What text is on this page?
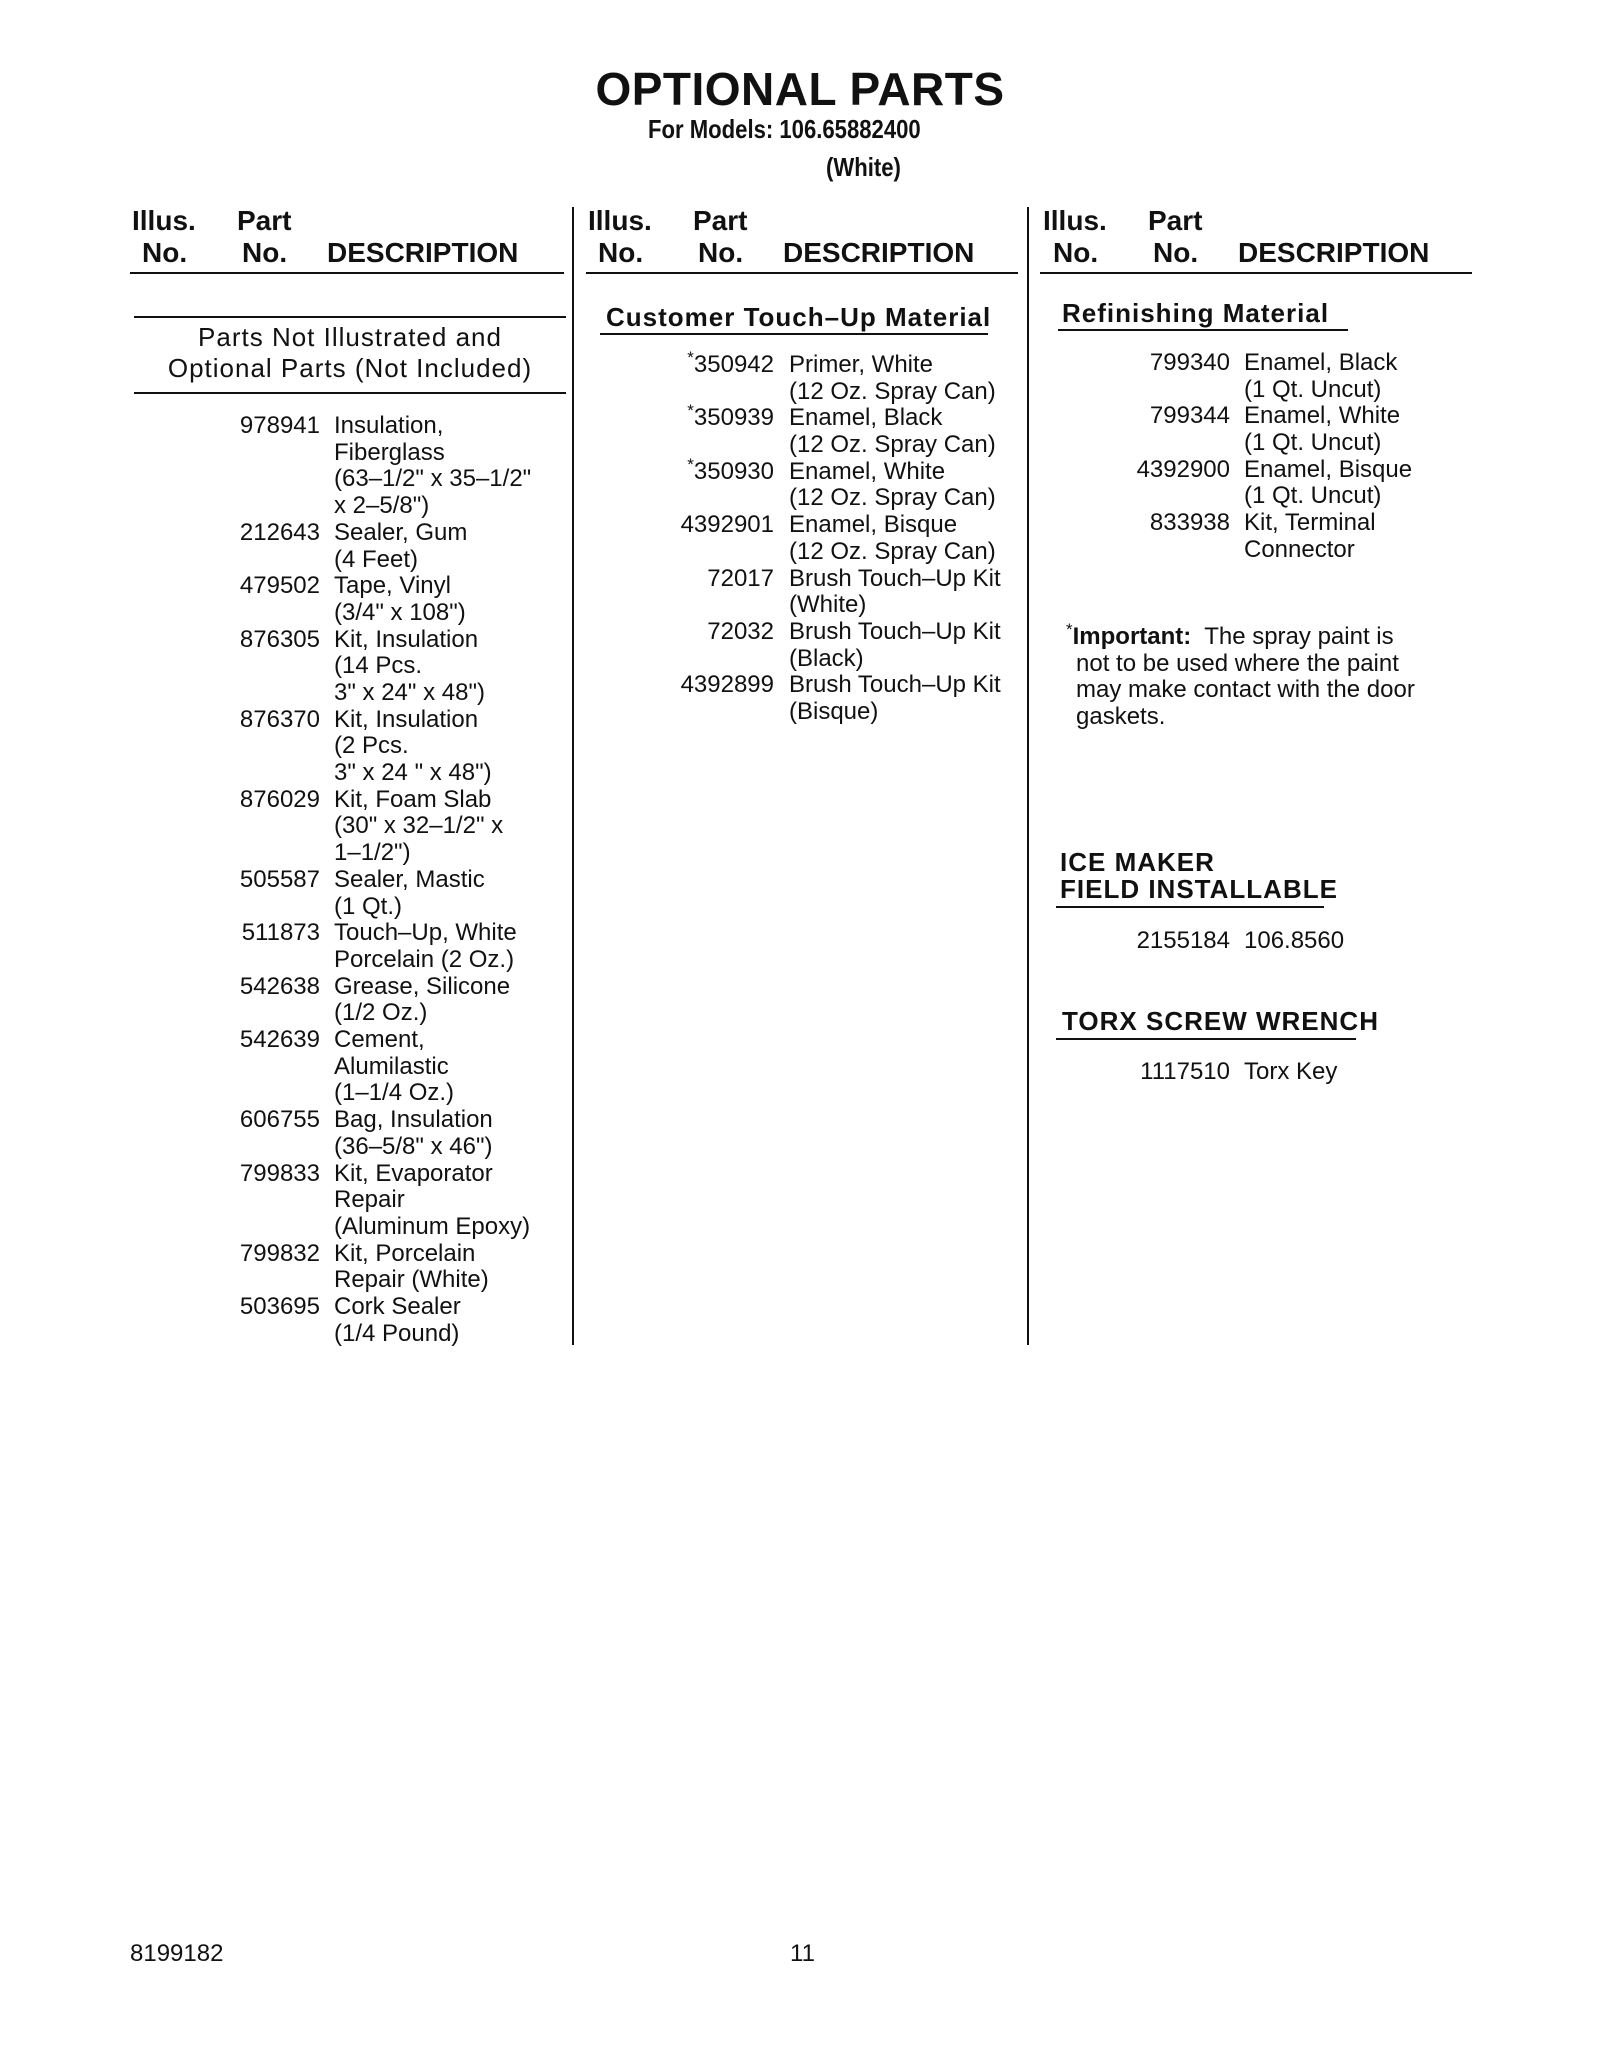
OPTIONAL PARTS
For Models: 106.65882400
(White)
Illus. Part
No. No. DESCRIPTION
Parts Not Illustrated and
Optional Parts (Not Included)
978941 Insulation,
Fiberglass
(63–1/2" x 35–1/2"
x 2–5/8")
212643 Sealer, Gum
(4 Feet)
479502 Tape, Vinyl
(3/4" x 108")
876305 Kit, Insulation
(14 Pcs.
3" x 24" x 48")
876370 Kit, Insulation
(2 Pcs.
3" x 24 " x 48")
876029 Kit, Foam Slab
(30" x 32–1/2" x
1–1/2")
505587 Sealer, Mastic
(1 Qt.)
511873 Touch–Up, White
Porcelain (2 Oz.)
542638 Grease, Silicone
(1/2 Oz.)
542639 Cement,
Alumilastic
(1–1/4 Oz.)
606755 Bag, Insulation
(36–5/8" x 46")
799833 Kit, Evaporator
Repair
(Aluminum Epoxy)
799832 Kit, Porcelain
Repair (White)
503695 Cork Sealer
(1/4 Pound)
Illus. Part
No. No. DESCRIPTION
Customer Touch–Up Material
*350942 Primer, White
(12 Oz. Spray Can)
*350939 Enamel, Black
(12 Oz. Spray Can)
*350930 Enamel, White
(12 Oz. Spray Can)
4392901 Enamel, Bisque
(12 Oz. Spray Can)
72017 Brush Touch–Up Kit
(White)
72032 Brush Touch–Up Kit
(Black)
4392899 Brush Touch–Up Kit
(Bisque)
Illus. Part
No. No. DESCRIPTION
Refinishing Material
799340 Enamel, Black
(1 Qt. Uncut)
799344 Enamel, White
(1 Qt. Uncut)
4392900 Enamel, Bisque
(1 Qt. Uncut)
833938 Kit, Terminal
Connector
*Important: The spray paint is
not to be used where the paint
may make contact with the door
gaskets.
ICE MAKER
FIELD INSTALLABLE
2155184 106.8560
TORX SCREW WRENCH
1117510 Torx Key
8199182	11
